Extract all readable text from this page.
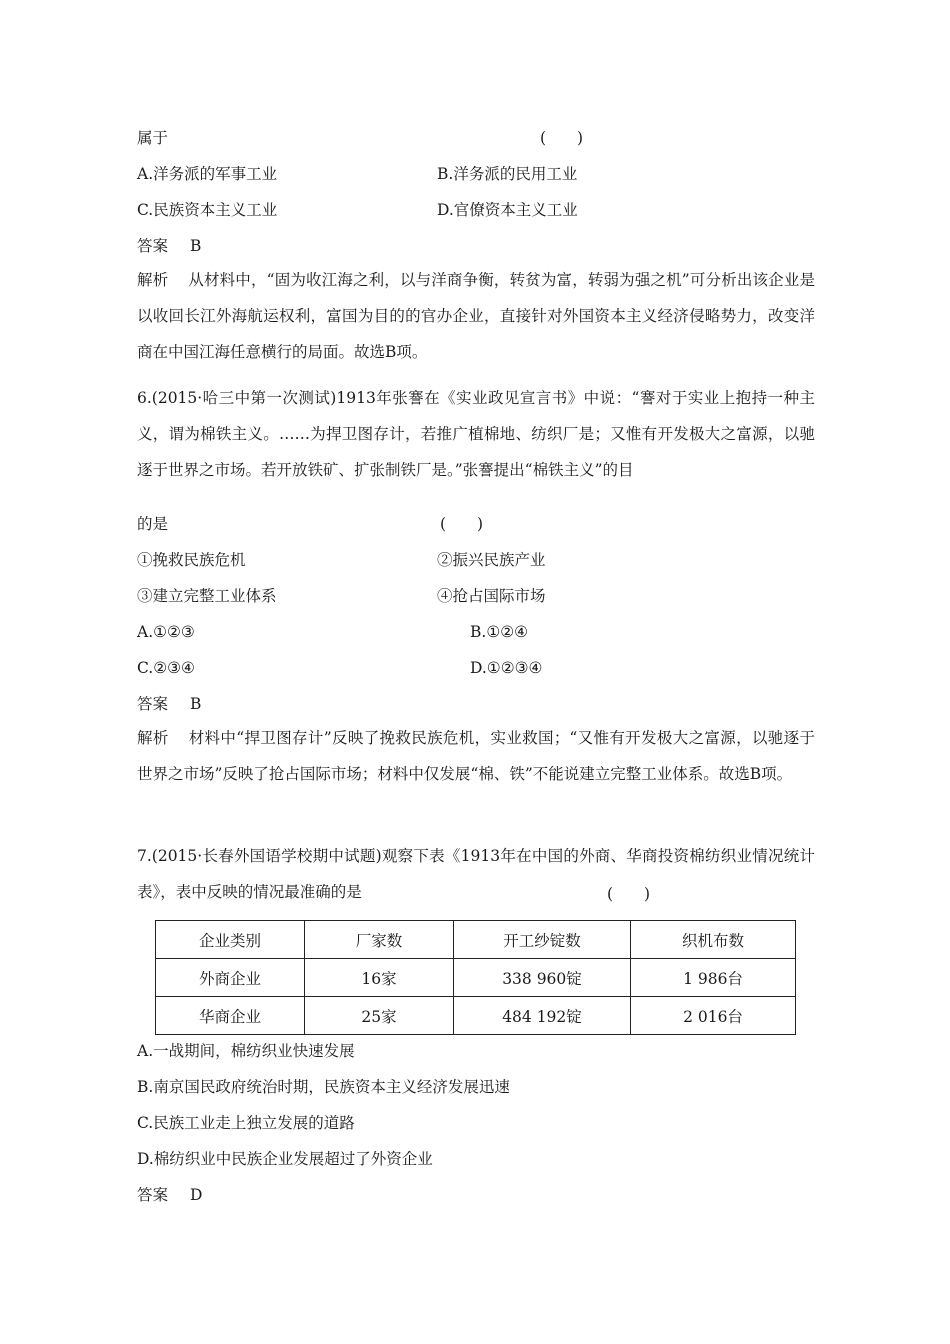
属于	(　　)
A.洋务派的军事工业	B.洋务派的民用工业
C.民族资本主义工业	D.官僚资本主义工业
答案 B
解析 从材料中，“固为收江海之利，以与洋商争衡，转贫为富，转弱为强之机”可分析出该企业是以收回长江外海航运权利，富国为目的的官办企业，直接针对外国资本主义经济侵略势力，改变洋商在中国江海任意横行的局面。故选B项。
6.(2015·哈三中第一次测试)1913年张謇在《实业政见宣言书》中说：“謇对于实业上抱持一种主义，谓为棉铁主义。……为捍卫图存计，若推广植棉地、纺织厂是；又惟有开发极大之富源，以驰逐于世界之市场。若开放铁矿、扩张制铁厂是。”张謇提出“棉铁主义”的目
的是	(　　)
①挽救民族危机	②振兴民族产业
③建立完整工业体系	④抢占国际市场
A.①②③	B.①②④
C.②③④	D.①②③④
答案 B
解析 材料中“捍卫图存计”反映了挽救民族危机，实业救国；“又惟有开发极大之富源，以驰逐于世界之市场”反映了抢占国际市场；材料中仅发展“棉、铁”不能说建立完整工业体系。故选B项。
7.(2015·长春外国语学校期中试题)观察下表《1913年在中国的外商、华商投资棉纺织业情况统计表》，表中反映的情况最准确的是	(　　)
企业类别	厂家数	开工纱锭数	织机布数
外商企业	16家	338 960锭	1 986台
华商企业	25家	484 192锭	2 016台
A.一战期间，棉纺织业快速发展
B.南京国民政府统治时期，民族资本主义经济发展迅速
C.民族工业走上独立发展的道路
D.棉纺织业中民族企业发展超过了外资企业
答案 D
